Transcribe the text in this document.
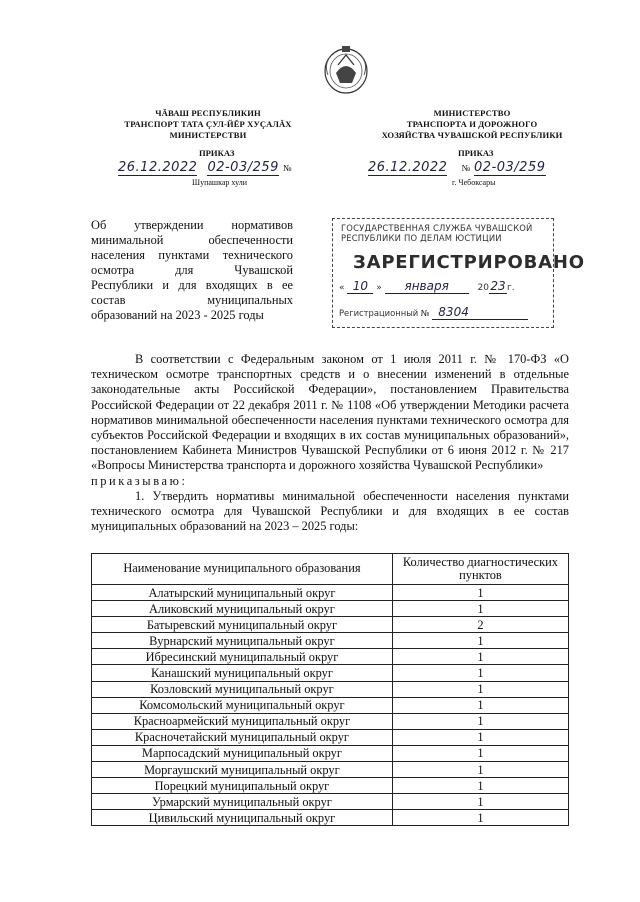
ЧĂВАШ РЕСПУБЛИКИН
ТРАНСПОРТ ТАТА ÇУЛ-ЙĔР ХУÇАЛĂХ
МИНИСТЕРСТВИ
МИНИСТЕРСТВО
ТРАНСПОРТА И ДОРОЖНОГО
ХОЗЯЙСТВА ЧУВАШСКОЙ РЕСПУБЛИКИ
ПРИКАЗ	ПРИКАЗ
26.12.2022 02-03/259 №
Шупашкар хули
26.12.2022 № 02-03/259
г. Чебоксары
Об утверждении нормативов
минимальной обеспеченности
населения пунктами технического
осмотра для Чувашской
Республики и для входящих в ее
состав муниципальных
образований на 2023 - 2025 годы
ГОСУДАРСТВЕННАЯ СЛУЖБА ЧУВАШСКОЙ
РЕСПУБЛИКИ ПО ДЕЛАМ ЮСТИЦИИ
ЗАРЕГИСТРИРОВАНО
« 10 » января	2023г.
Регистрационный № 8304

В соответствии с Федеральным законом от 1 июля 2011 г. № 170-ФЗ «О техническом осмотре транспортных средств и о внесении изменений в отдельные законодательные акты Российской Федерации», постановлением Правительства Российской Федерации от 22 декабря 2011 г. № 1108 «Об утверждении Методики расчета нормативов минимальной обеспеченности населения пунктами технического осмотра для субъектов Российской Федерации и входящих в их состав муниципальных образований», постановлением Кабинета Министров Чувашской Республики от 6 июня 2012 г. № 217 «Вопросы Министерства транспорта и дорожного хозяйства Чувашской Республики»

приказываю:

1. Утвердить нормативы минимальной обеспеченности населения пунктами технического осмотра для Чувашской Республики и для входящих в ее состав муниципальных образований на 2023 – 2025 годы:

Наименование муниципального образования	Количество диагностических пунктов
Алатырский муниципальный округ	1
Аликовский муниципальный округ	1
Батыревский муниципальный округ	2
Вурнарский муниципальный округ	1
Ибресинский муниципальный округ	1
Канашский муниципальный округ	1
Козловский муниципальный округ	1
Комсомольский муниципальный округ	1
Красноармейский муниципальный округ	1
Красночетайский муниципальный округ	1
Марпосадский муниципальный округ	1
Моргаушский муниципальный округ	1
Порецкий муниципальный округ	1
Урмарский муниципальный округ	1
Цивильский муниципальный округ	1
